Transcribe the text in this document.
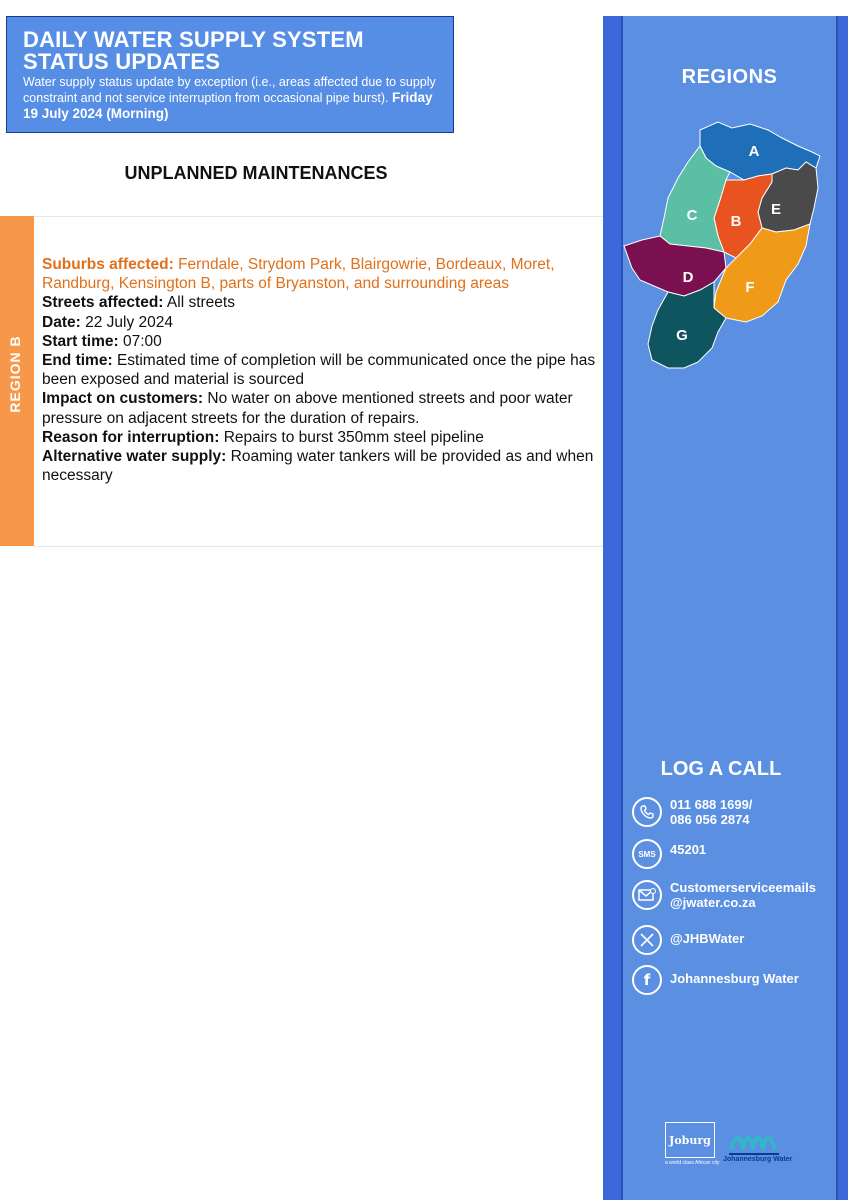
DAILY WATER SUPPLY SYSTEM
STATUS UPDATES
Water supply status update by exception (i.e., areas affected due to supply constraint and not service interruption from occasional pipe burst). Friday 19 July 2024 (Morning)
UNPLANNED MAINTENANCES
REGION B
Suburbs affected: Ferndale, Strydom Park, Blairgowrie, Bordeaux, Moret, Randburg, Kensington B, parts of Bryanston, and surrounding areas
Streets affected: All streets
Date: 22 July 2024
Start time: 07:00
End time: Estimated time of completion will be communicated once the pipe has been exposed and material is sourced
Impact on customers: No water on above mentioned streets and poor water pressure on adjacent streets for the duration of repairs.
Reason for interruption: Repairs to burst 350mm steel pipeline
Alternative water supply: Roaming water tankers will be provided as and when necessary
REGIONS
A
B
C
D
E
F
G
LOG A CALL
011 688 1699/
086 056 2874
SMS 45201
Customerserviceemails
@jwater.co.za
@JHBWater
f Johannesburg Water
Joburg
a world class African city Johannesburg Water
